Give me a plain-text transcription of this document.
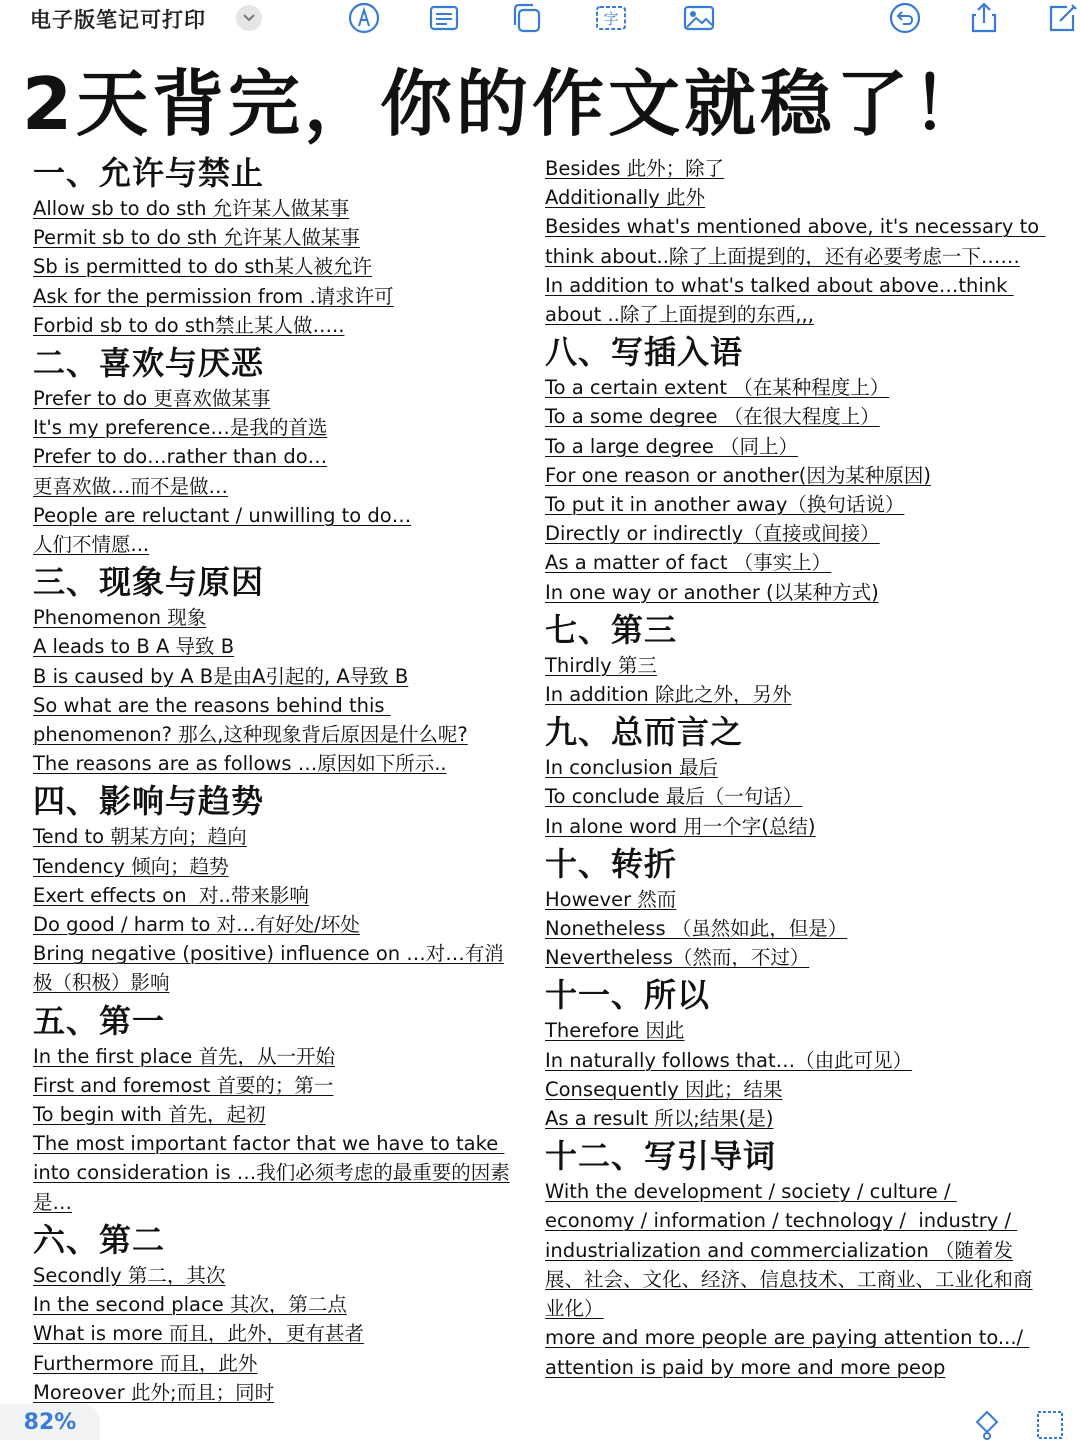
电子版笔记可打印	字
2天背完，你的作文就稳了！
一、允许与禁止
Allow sb to do sth 允许某人做某事
Permit sb to do sth 允许某人做某事
Sb is permitted to do sth某人被允许
Ask for the permission from .请求许可
Forbid sb to do sth禁止某人做…..
二、喜欢与厌恶
Prefer to do 更喜欢做某事
It's my preference…是我的首选
Prefer to do…rather than do…
更喜欢做…而不是做…
People are reluctant / unwilling to do…
人们不情愿...
三、现象与原因
Phenomenon 现象
A leads to B A 导致 B
B is caused by A B是由A引起的, A导致 B
So what are the reasons behind this phenomenon? 那么,这种现象背后原因是什么呢?
The reasons are as follows …原因如下所示..
四、影响与趋势
Tend to 朝某方向；趋向
Tendency 倾向；趋势
Exert effects on  对..带来影响
Do good / harm to 对…有好处/坏处
Bring negative (positive) influence on …对…有消极（积极）影响
五、第一
In the first place 首先，从一开始
First and foremost 首要的；第一
To begin with 首先，起初
The most important factor that we have to take into consideration is …我们必须考虑的最重要的因素是…
六、第二
Secondly 第二，其次
In the second place 其次，第二点
What is more 而且，此外，更有甚者
Furthermore 而且，此外
Moreover 此外;而且；同时
Besides 此外；除了
Additionally 此外
Besides what's mentioned above, it's necessary to think about..除了上面提到的，还有必要考虑一下……
In addition to what's talked about above…think about ..除了上面提到的东西,,,
八、写插入语
To a certain extent （在某种程度上）
To a some degree （在很大程度上）
To a large degree （同上）
For one reason or another(因为某种原因)
To put it in another away（换句话说）
Directly or indirectly（直接或间接）
As a matter of fact （事实上）
In one way or another (以某种方式)
七、第三
Thirdly 第三
In addition 除此之外，另外
九、总而言之
In conclusion 最后
To conclude 最后（一句话）
In alone word 用一个字(总结)
十、转折
However 然而
Nonetheless （虽然如此，但是）
Nevertheless（然而，不过）
十一、所以
Therefore 因此
In naturally follows that…（由此可见）
Consequently 因此；结果
As a result 所以;结果(是)
十二、写引导词
With the development / society / culture / economy / information / technology /  industry / industrialization and commercialization （随着发展、社会、文化、经济、信息技术、工商业、工业化和商业化）
more and more people are paying attention to.../ attention is paid by more and more peop
82%
